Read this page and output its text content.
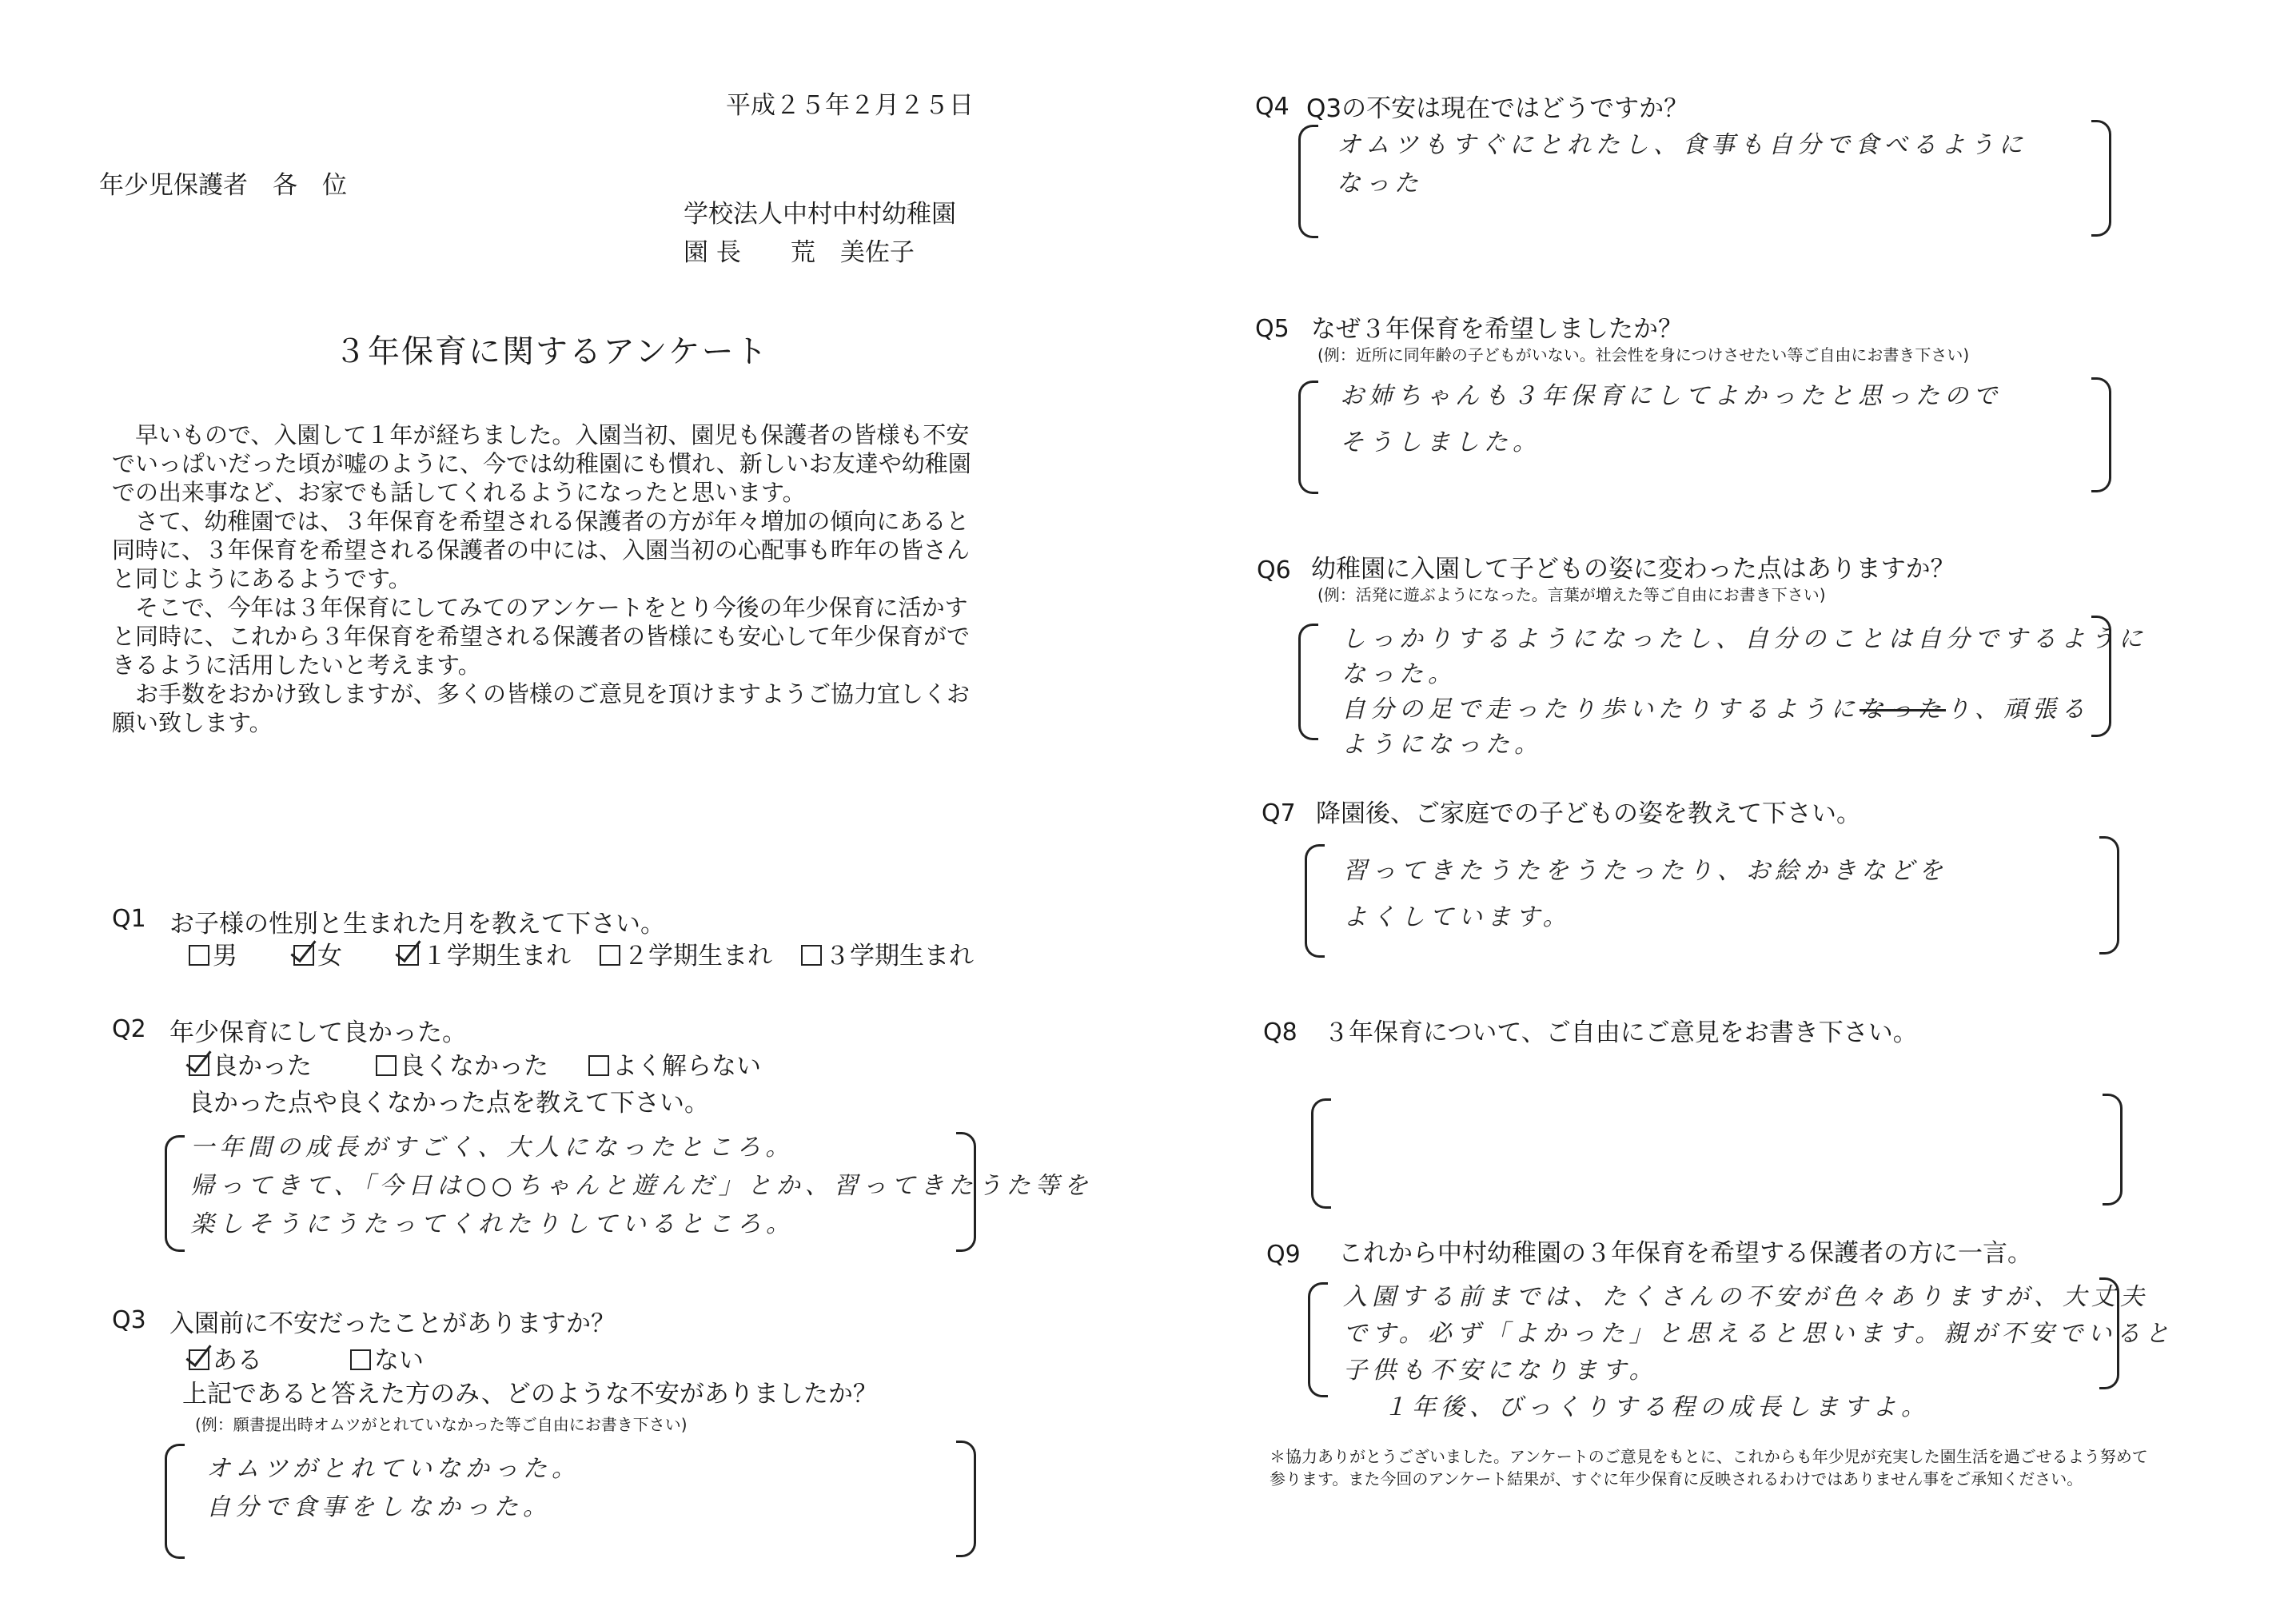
平成２５年２月２５日
年少児保護者　各　位
学校法人中村中村幼稚園
園 長　　荒　美佐子
３年保育に関するアンケート

早いもので、入園して１年が経ちました。入園当初、園児も保護者の皆様も不安でいっぱいだった頃が嘘のように、今では幼稚園にも慣れ、新しいお友達や幼稚園での出来事など、お家でも話してくれるようになったと思います。

さて、幼稚園では、３年保育を希望される保護者の方が年々増加の傾向にあると同時に、３年保育を希望される保護者の中には、入園当初の心配事も昨年の皆さんと同じようにあるようです。

そこで、今年は３年保育にしてみてのアンケートをとり今後の年少保育に活かすと同時に、これから３年保育を希望される保護者の皆様にも安心して年少保育ができるように活用したいと考えます。

お手数をおかけ致しますが、多くの皆様のご意見を頂けますようご協力宜しくお願い致します。

Q1 お子様の性別と生まれた月を教えて下さい。
男	女	１学期生まれ ２学期生まれ ３学期生まれ
Q2 年少保育にして良かった。
良かった	良くなかった	よく解らない
良かった点や良くなかった点を教えて下さい。
一年間の成長がすごく、大人になったところ。
帰ってきて、「今日は○○ちゃんと遊んだ」とか、習ってきたうた等を
楽しそうにうたってくれたりしているところ。
Q3 入園前に不安だったことがありますか？
ある	ない
上記であると答えた方のみ、どのような不安がありましたか？
(例：願書提出時オムツがとれていなかった等ご自由にお書き下さい)
オムツがとれていなかった。
自分で食事をしなかった。
Q4 Q3の不安は現在ではどうですか？
オムツもすぐにとれたし、食事も自分で食べるように
なった
Q5 なぜ３年保育を希望しましたか？
(例：近所に同年齢の子どもがいない。社会性を身につけさせたい等ご自由にお書き下さい)
お姉ちゃんも３年保育にしてよかったと思ったので
そうしました。
Q6 幼稚園に入園して子どもの姿に変わった点はありますか？
(例：活発に遊ぶようになった。言葉が増えた等ご自由にお書き下さい)
しっかりするようになったし、自分のことは自分でするように
なった。
自分の足で走ったり歩いたりするようになったり、頑張る
ようになった。
Q7 降園後、ご家庭での子どもの姿を教えて下さい。
習ってきたうたをうたったり、お絵かきなどを
よくしています。
Q8 ３年保育について、ご自由にご意見をお書き下さい。
Q9 これから中村幼稚園の３年保育を希望する保護者の方に一言。
入園する前までは、たくさんの不安が色々ありますが、大丈夫
です。必ず「よかった」と思えると思います。親が不安でいると
子供も不安になります。
１年後、びっくりする程の成長しますよ。
＊協力ありがとうございました。アンケートのご意見をもとに、これからも年少児が充実した園生活を過ごせるよう努めて参ります。また今回のアンケート結果が、すぐに年少保育に反映されるわけではありません事をご承知ください。
